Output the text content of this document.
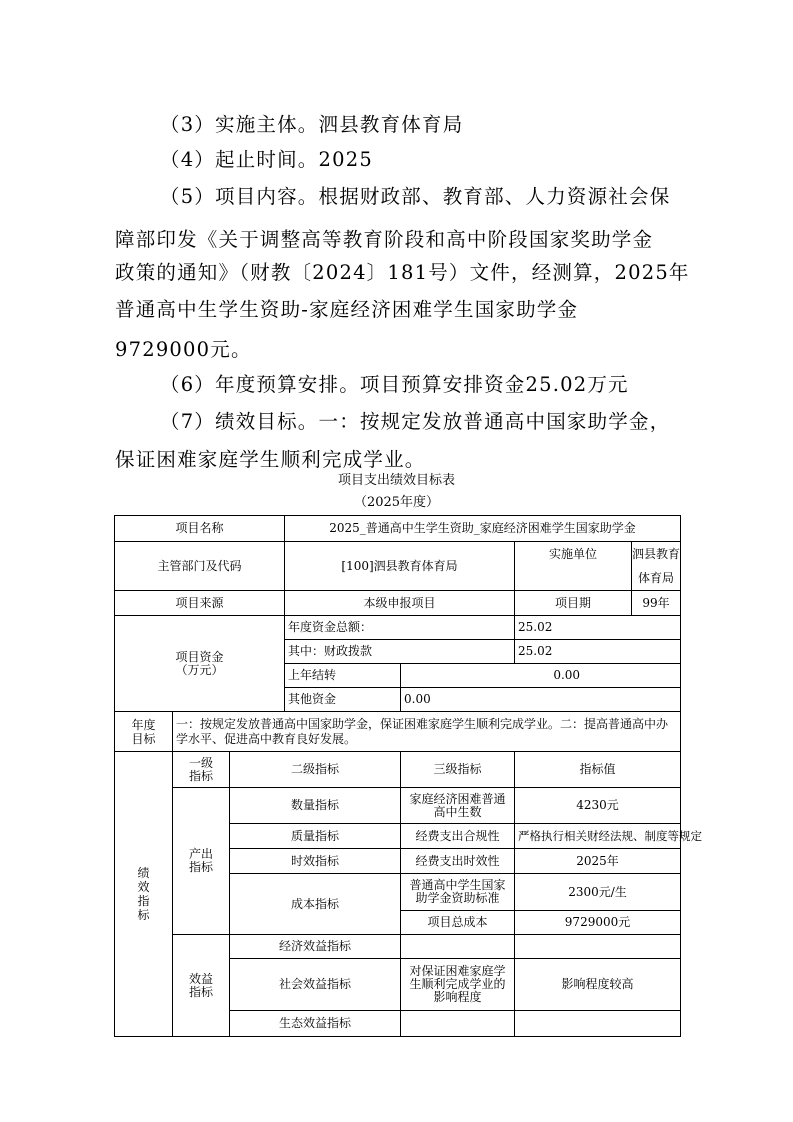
（3）实施主体。泗县教育体育局
（4）起止时间。2025
（5）项目内容。根据财政部、教育部、人力资源社会保
障部印发《关于调整高等教育阶段和高中阶段国家奖助学金
政策的通知》（财教〔2024〕181号）文件，经测算，2025年
普通高中生学生资助-家庭经济困难学生国家助学金
9729000元。
（6）年度预算安排。项目预算安排资金25.02万元
（7）绩效目标。一：按规定发放普通高中国家助学金，
保证困难家庭学生顺利完成学业。
项目支出绩效目标表
（2025年度）
项目名称			2025_普通高中生学生资助_家庭经济困难学生国家助学金		
主管部门及代码			[100]泗县教育体育局		实施单位 泗县教育体育局

项目来源			本级申报项目		项目期 99年

项目资金
（万元）			年度资金总额：		25.02
			其中：财政拨款		25.02
			上年结转	0.00	
			其他资金	0.00	
年度目标	一：按规定发放普通高中国家助学金，保证困难家庭学生顺利完成学业。二：提高普通高中办学水平、促进高中教育良好发展。				
绩效指标	一级指标	二级指标		三级指标	指标值
	产出指标	数量指标		家庭经济困难普通高中生数	4230元
		质量指标		经费支出合规性	严格执行相关财经法规、制度等规定
		时效指标		经费支出时效性	2025年
		成本指标		普通高中学生国家助学金资助标准	2300元/生
				项目总成本	9729000元
	效益指标	经济效益指标			
		社会效益指标		对保证困难家庭学生顺利完成学业的影响程度	影响程度较高
		生态效益指标			
